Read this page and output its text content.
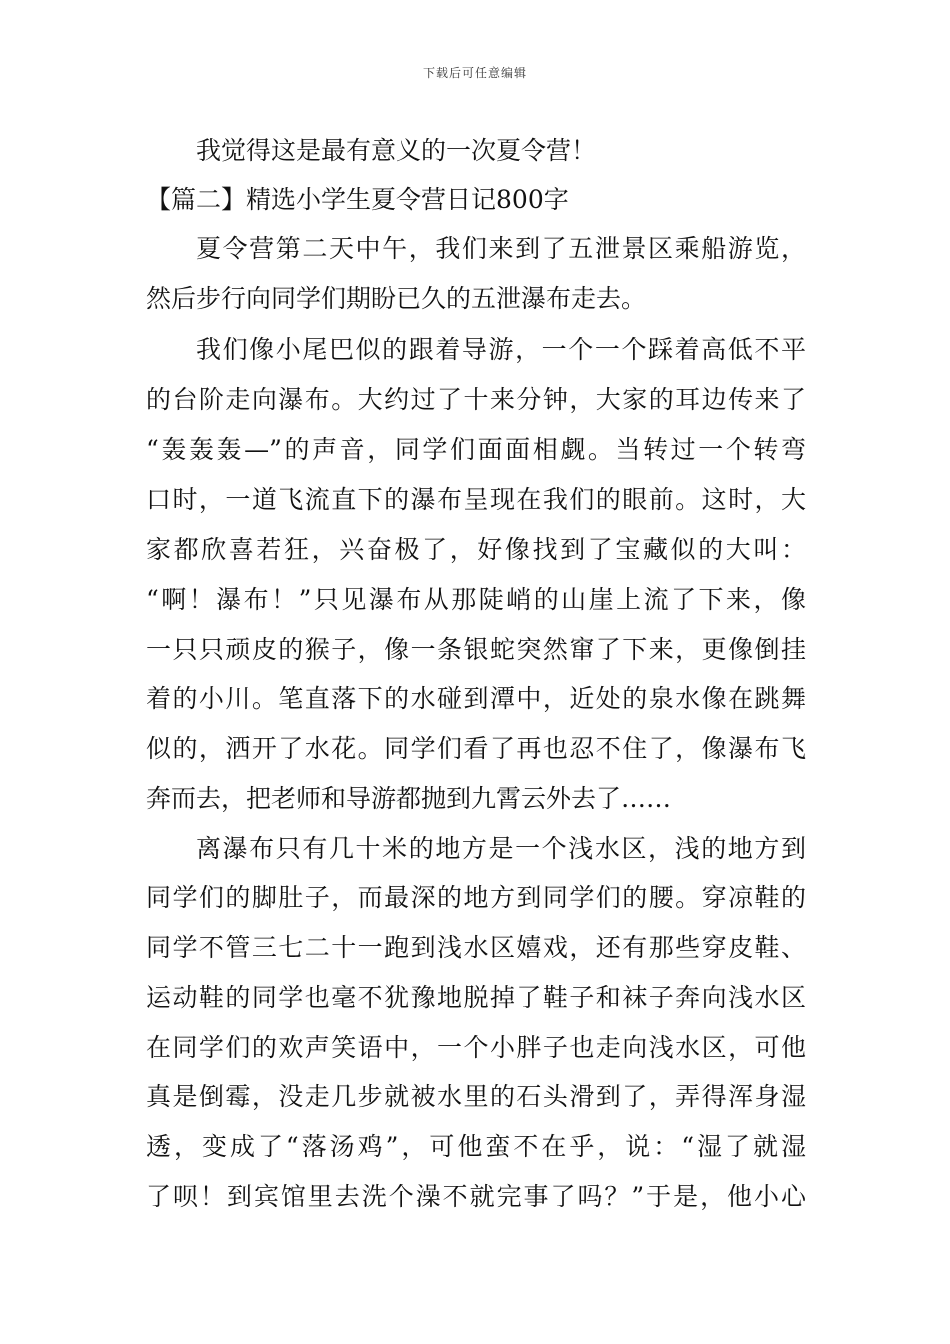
下载后可任意编辑
我觉得这是最有意义的一次夏令营！
【篇二】精选小学生夏令营日记800字
夏令营第二天中午，我们来到了五泄景区乘船游览，
然后步行向同学们期盼已久的五泄瀑布走去。
我们像小尾巴似的跟着导游，一个一个踩着高低不平
的台阶走向瀑布。大约过了十来分钟，大家的耳边传来了
“轰轰轰—”的声音，同学们面面相觑。当转过一个转弯
口时，一道飞流直下的瀑布呈现在我们的眼前。这时，大
家都欣喜若狂，兴奋极了，好像找到了宝藏似的大叫：
“啊！瀑布！”只见瀑布从那陡峭的山崖上流了下来，像
一只只顽皮的猴子，像一条银蛇突然窜了下来，更像倒挂
着的小川。笔直落下的水碰到潭中，近处的泉水像在跳舞
似的，洒开了水花。同学们看了再也忍不住了，像瀑布飞
奔而去，把老师和导游都抛到九霄云外去了……
离瀑布只有几十米的地方是一个浅水区，浅的地方到
同学们的脚肚子，而最深的地方到同学们的腰。穿凉鞋的
同学不管三七二十一跑到浅水区嬉戏，还有那些穿皮鞋、
运动鞋的同学也毫不犹豫地脱掉了鞋子和袜子奔向浅水区
在同学们的欢声笑语中，一个小胖子也走向浅水区，可他
真是倒霉，没走几步就被水里的石头滑到了，弄得浑身湿
透，变成了“落汤鸡”，可他蛮不在乎，说：“湿了就湿
了呗！到宾馆里去洗个澡不就完事了吗？”于是，他小心
